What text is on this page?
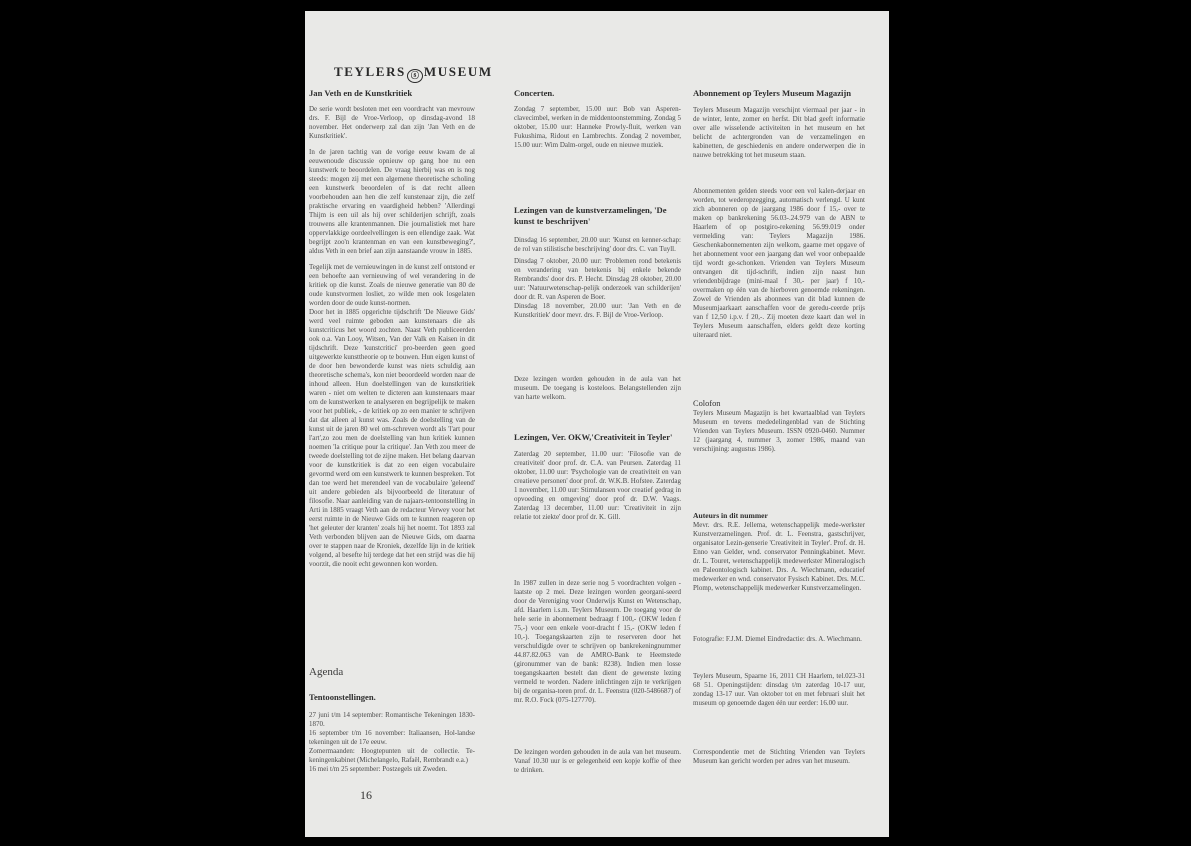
TEYLERS ⓢ MUSEUM
Jan Veth en de Kunstkritiek

De serie wordt besloten met een voordracht van mevrouw drs. F. Bijl de Vroe-Verloop, op dinsdag-avond 18 november. Het onderwerp zal dan zijn 'Jan Veth en de Kunstkritiek'.

In de jaren tachtig van de vorige eeuw kwam de al eeuwenoude discussie opnieuw op gang hoe nu een kunstwerk te beoordelen. De vraag hierbij was en is nog steeds: mogen zij met een algemene theoretische scholing een kunstwerk beoordelen of is dat recht alleen voorbehouden aan hen die zelf kunstenaar zijn, die zelf praktische ervaring en vaardigheid hebben? 'Allerdingi Thijm is een uil als hij over schilderijen schrijft, zoals trouwens alle krantenmannen. Die journalistiek met hare oppervlakkige oordeelvellingen is een ellendige zaak. Wat begrijpt zoo'n krantenman en van een kunstbeweging?', aldus Veth in een brief aan zijn aanstaande vrouw in 1885.

Tegelijk met de vernieuwingen in de kunst zelf ontstond er een behoefte aan vernieuwing of wel verandering in de kritiek op die kunst. Zoals de nieuwe generatie van 80 de oude kunstvormen losliet, zo wilde men ook losgelaten worden door de oude kunst-normen.

Door het in 1885 opgerichte tijdschrift 'De Nieuwe Gids' werd veel ruimte geboden aan kunstenaars die als kunstcriticus het woord zochten. Naast Veth publiceerden ook o.a. Van Looy, Witsen, Van der Valk en Kaisen in dit tijdschrift. Deze 'kunstcritici' pro-beerden geen goed uitgewerkte kunsttheorie op te bouwen. Hun eigen kunst of de door hen bewonderde kunst was niets schuldig aan theoretische schema's, kon niet beoordeeld worden naar de inhoud alleen. Hun doelstellingen van de kunstkritiek waren - niet om welten te dicteren aan kunstenaars maar om de kunstwerken te analyseren en begrijpelijk te maken voor het publiek, - de kritiek op zo een manier te schrijven dat dat alleen al kunst was. Zoals de doelstelling van de kunst uit de jaren 80 wel om-schreven wordt als 'l'art pour l'art',zo zou men de doelstelling van hun kritiek kunnen noemen 'la critique pour la critique'. Jan Veth zou meer de tweede doelstelling tot de zijne maken. Het belang daarvan voor de kunstkritiek is dat zo een eigen vocabulaire gevormd werd om een kunstwerk te kunnen bespreken. Tot dan toe werd het merendeel van de vocabulaire 'geleend' uit andere gebieden als bijvoorbeeld de literatuur of filosofie. Naar aanleiding van de najaars-tentoonstelling in Arti in 1885 vraagt Veth aan de redacteur Verwey voor het eerst ruimte in de Nieuwe Gids om te kunnen reageren op 'het geleuter der kranten' zoals hij het noemt. Tot 1893 zal Veth verbonden blijven aan de Nieuwe Gids, om daarna over te stappen naar de Kroniek, dezelfde lijn in de kritiek volgend, al besefte hij terdege dat het een strijd was die hij voorzit, die nooit echt gewonnen kon worden.

Agenda
Tentoonstellingen.

27 juni t/m 14 september: Romantische Tekeningen 1830-1870.

16 september t/m 16 november: Italiaansen, Hol-landse tekeningen uit de 17e eeuw.

Zomermaanden: Hoogtepunten uit de collectie. Te-keningenkabinet (Michelangelo, Rafaël, Rembrandt e.a.)

16 mei t/m 25 september: Postzegels uit Zweden.

16
Concerten.

Zondag 7 september, 15.00 uur: Bob van Asperen-clavecimbel, werken in de middentoonstemming. Zondag 5 oktober, 15.00 uur: Hanneke Prowly-fluit, werken van Fukushima, Ridout en Lambrechts. Zondag 2 november, 15.00 uur: Wim Dalm-orgel, oude en nieuwe muziek.

Lezingen van de kunstverzamelingen, 'De kunst te beschrijven'

Dinsdag 16 september, 20.00 uur: 'Kunst en kenner-schap: de rol van stilistische beschrijving' door drs. C. van Tuyll.

Dinsdag 7 oktober, 20.00 uur: 'Problemen rond betekenis en verandering van betekenis bij enkele bekende Rembrandts' door drs. P. Hecht. Dinsdag 28 oktober, 20.00 uur: 'Natuurwetenschap-pelijk onderzoek van schilderijen' door dr. R. van Asperen de Boer.

Dinsdag 18 november, 20.00 uur: 'Jan Veth en de Kunstkritiek' door mevr. drs. F. Bijl de Vroe-Verloop.

Deze lezingen worden gehouden in de aula van het museum. De toegang is kosteloos. Belangstellenden zijn van harte welkom.

Lezingen, Ver. OKW,'Creativiteit in Teyler'

Zaterdag 20 september, 11.00 uur: 'Filosofie van de creativiteit' door prof. dr. C.A. van Peursen. Zaterdag 11 oktober, 11.00 uur: 'Psychologie van de creativiteit en van creatieve personen' door prof. dr. W.K.B. Hofstee. Zaterdag 1 november, 11.00 uur: Stimulansen voor creatief gedrag in opvoeding en omgeving' door prof dr. D.W. Vaags. Zaterdag 13 december, 11.00 uur: 'Creativiteit in zijn relatie tot ziekte' door prof dr. K. Gill.

In 1987 zullen in deze serie nog 5 voordrachten volgen - laatste op 2 mei. Deze lezingen worden georgani-seerd door de Vereniging voor Onderwijs Kunst en Wetenschap, afd. Haarlem i.s.m. Teylers Museum. De toegang voor de hele serie in abonnement bedraagt f 100,- (OKW leden f 75,-) voor een enkele voor-dracht f 15,- (OKW leden f 10,-). Toegangskaarten zijn te reserveren door het verschuldigde over te schrijven op bankrekeningnummer 44.87.82.063 van de AMRO-Bank te Heemstede (gironummer van de bank: 8238). Indien men losse toegangskaarten bestelt dan dient de gewenste lezing vermeld te worden. Nadere inlichtingen zijn te verkrijgen bij de organisa-toren prof. dr. L. Feenstra (020-5486687) of mr. R.O. Fock (075-127770).

De lezingen worden gehouden in de aula van het museum. Vanaf 10.30 uur is er gelegenheid een kopje koffie of thee te drinken.

Abonnement op Teylers Museum Magazijn

Teylers Museum Magazijn verschijnt viermaal per jaar - in de winter, lente, zomer en herfst. Dit blad geeft informatie over alle wisselende activiteiten in het museum en het belicht de achtergronden van de verzamelingen en kabinetten, de geschiedenis en andere onderwerpen die in nauwe betrekking tot het museum staan.

Abonnementen gelden steeds voor een vol kalen-derjaar en worden, tot wederopzegging, automatisch verlengd. U kunt zich abonneren op de jaargang 1986 door f 15,- over te maken op bankrekening 56.03-.24.979 van de ABN te Haarlem of op postgiro-rekening 56.99.019 onder vermelding van: Teylers Magazijn 1986. Geschenkabonnementen zijn welkom, gaarne met opgave of het abonnement voor een jaargang dan wel voor onbepaalde tijd wordt ge-schonken. Vrienden van Teylers Museum ontvangen dit tijd-schrift, indien zijn naast hun vriendenbijdrage (mini-maal f 30,- per jaar) f 10,- overmaken op één van de hierboven genoemde rekeningen. Zowel de Vrienden als abonnees van dit blad kunnen de Museumjaarkaart aanschaffen voor de geredu-ceerde prijs van f 12,50 i.p.v. f 20,-. Zij moeten deze kaart dan wel in Teylers Museum aanschaffen, elders geldt deze korting uiteraard niet.

Colofon

Teylers Museum Magazijn is het kwartaalblad van Teylers Museum en tevens mededelingenblad van de Stichting Vrienden van Teylers Museum. ISSN 0920-0460. Nummer 12 (jaargang 4, nummer 3, zomer 1986, maand van verschijning: augustus 1986).

Auteurs in dit nummer

Mevr. drs. R.E. Jellema, wetenschappelijk mede-werkster Kunstverzamelingen. Prof. dr. L. Feenstra, gastschrijver, organisator Lezin-genserie 'Creativiteit in Teyler'. Prof. dr. H. Enno van Gelder, wnd. conservator Penningkabinet. Mevr. dr. L. Touret, wetenschappelijk medewerkster Mineralogisch en Paleontologisch kabinet. Drs. A. Wiechmann, educatief medewerker en wnd. conservator Fysisch Kabinet. Drs. M.C. Plomp, wetenschappelijk medewerker Kunstverzamelingen.

Fotografie: F.J.M. Diemel Eindredactie: drs. A. Wiechmann.

Teylers Museum, Spaarne 16, 2011 CH Haarlem, tel.023-31 68 51. Openingstijden: dinsdag t/m zaterdag 10-17 uur, zondag 13-17 uur. Van oktober tot en met februari sluit het museum op genoemde dagen één uur eerder: 16.00 uur.

Correspondentie met de Stichting Vrienden van Teylers Museum kan gericht worden per adres van het museum.
